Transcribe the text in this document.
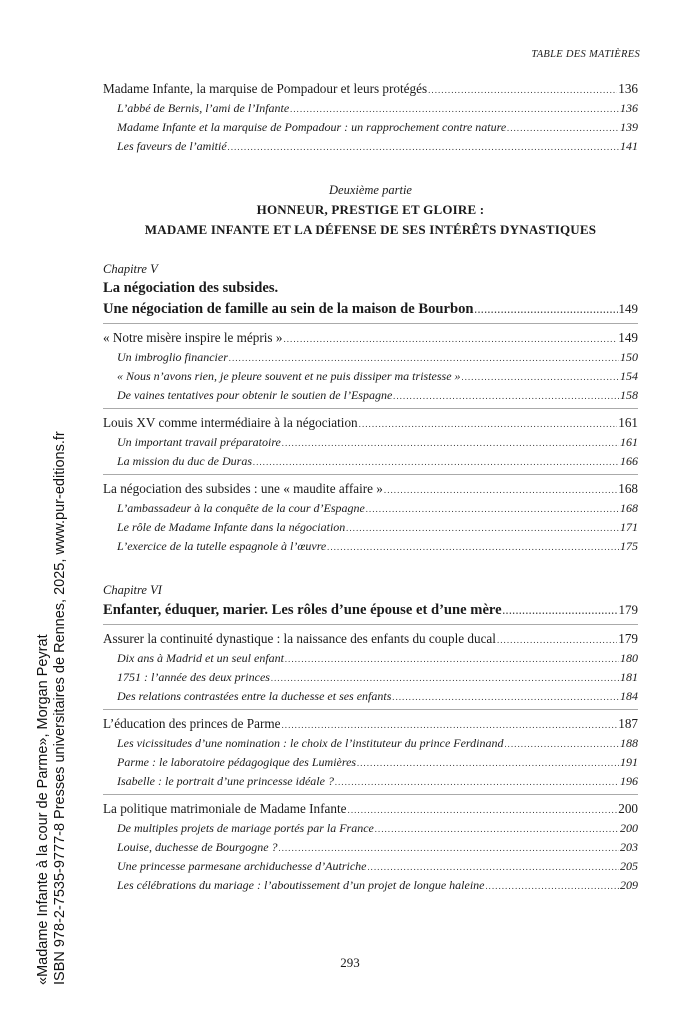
TABLE DES MATIÈRES
Madame Infante, la marquise de Pompadour et leurs protégés . . .	136
L’abbé de Bernis, l’ami de l’Infante . . .	136
Madame Infante et la marquise de Pompadour : un rapprochement contre nature . . .	139
Les faveurs de l’amitié . . .	141
Deuxième partie
HONNEUR, PRESTIGE ET GLOIRE :
MADAME INFANTE ET LA DÉFENSE DE SES INTÉRÊTS DYNASTIQUES
Chapitre V
La négociation des subsides.
Une négociation de famille au sein de la maison de Bourbon . . .	149
« Notre misère inspire le mépris » . . .	149
Un imbroglio financier . . .	150
« Nous n’avons rien, je pleure souvent et ne puis dissiper ma tristesse » . . .	154
De vaines tentatives pour obtenir le soutien de l’Espagne . . .	158
Louis XV comme intermédiaire à la négociation . . .	161
Un important travail préparatoire . . .	161
La mission du duc de Duras . . .	166
La négociation des subsides : une « maudite affaire » . . .	168
L’ambassadeur à la conquête de la cour d’Espagne . . .	168
Le rôle de Madame Infante dans la négociation . . .	171
L’exercice de la tutelle espagnole à l’œuvre . . .	175
Chapitre VI
Enfanter, éduquer, marier. Les rôles d’une épouse et d’une mère . . .	179
Assurer la continuité dynastique : la naissance des enfants du couple ducal . . .	179
Dix ans à Madrid et un seul enfant . . .	180
1751 : l’année des deux princes . . .	181
Des relations contrastées entre la duchesse et ses enfants . . .	184
L’éducation des princes de Parme . . .	187
Les vicissitudes d’une nomination : le choix de l’instituteur du prince Ferdinand . . .	188
Parme : le laboratoire pédagogique des Lumières . . .	191
Isabelle : le portrait d’une princesse idéale ? . . .	196
La politique matrimoniale de Madame Infante . . .	200
De multiples projets de mariage portés par la France . . .	200
Louise, duchesse de Bourgogne ? . . .	203
Une princesse parmesane archiduchesse d’Autriche . . .	205
Les célébrations du mariage : l’aboutissement d’un projet de longue haleine . . .	209
293
«Madame Infante à la cour de Parme», Morgan Peyrat ISBN 978-2-7535-9777-8 Presses universitaires de Rennes, 2025, www.pur-editions.fr
